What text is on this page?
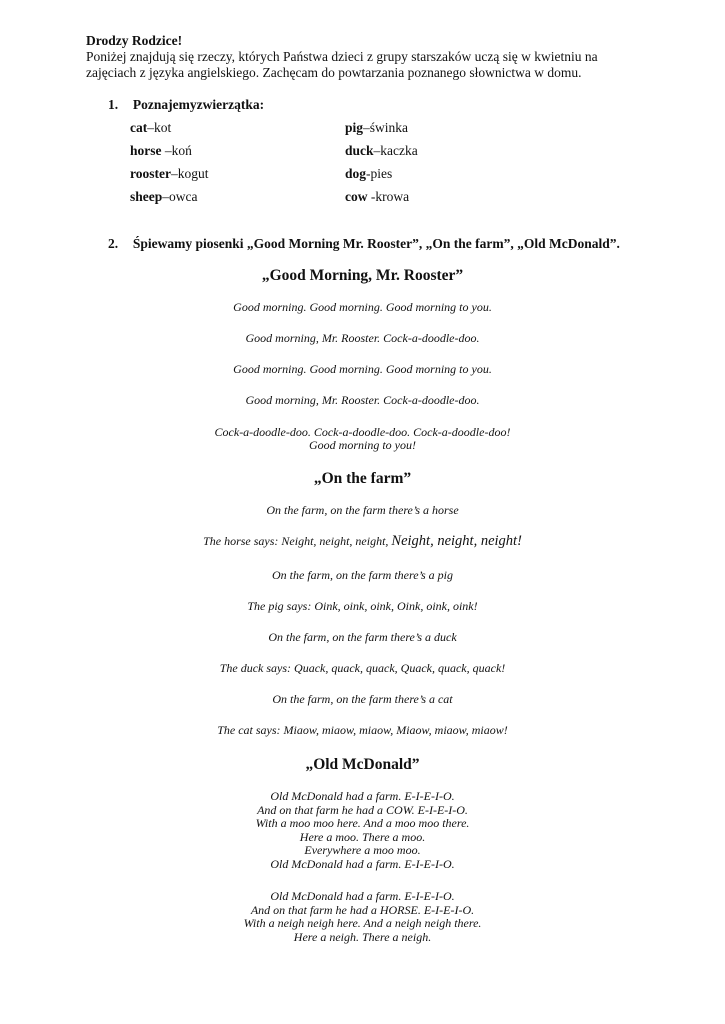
Drodzy Rodzice!
Poniżej znajdują się rzeczy, których Państwa dzieci z grupy starszaków uczą się w kwietniu na zajęciach z języka angielskiego. Zachęcam do powtarzania poznanego słownictwa w domu.
1. Poznajemyzwierzątka:
cat–kot
horse –koń
rooster–kogut
sheep–owca
pig–świnka
duck–kaczka
dog-pies
cow -krowa
2. Śpiewamy piosenki „Good Morning Mr. Rooster”, „On the farm”, „Old McDonald”.
„Good Morning, Mr. Rooster”
Good morning. Good morning. Good morning to you.
Good morning, Mr. Rooster. Cock-a-doodle-doo.
Good morning. Good morning. Good morning to you.
Good morning, Mr. Rooster. Cock-a-doodle-doo.
Cock-a-doodle-doo. Cock-a-doodle-doo. Cock-a-doodle-doo!
Good morning to you!
„On the farm”
On the farm, on the farm there’s a horse
The horse says: Neight, neight, neight, Neight, neight, neight!
On the farm, on the farm there’s a pig
The pig says: Oink, oink, oink, Oink, oink, oink!
On the farm, on the farm there’s a duck
The duck says: Quack, quack, quack, Quack, quack, quack!
On the farm, on the farm there’s a cat
The cat says: Miaow, miaow, miaow, Miaow, miaow, miaow!
„Old McDonald”
Old McDonald had a farm. E-I-E-I-O.
And on that farm he had a COW. E-I-E-I-O.
With a moo moo here. And a moo moo there.
Here a moo. There a moo.
Everywhere a moo moo.
Old McDonald had a farm. E-I-E-I-O.
Old McDonald had a farm. E-I-E-I-O.
And on that farm he had a HORSE. E-I-E-I-O.
With a neigh neigh here. And a neigh neigh there.
Here a neigh. There a neigh.
